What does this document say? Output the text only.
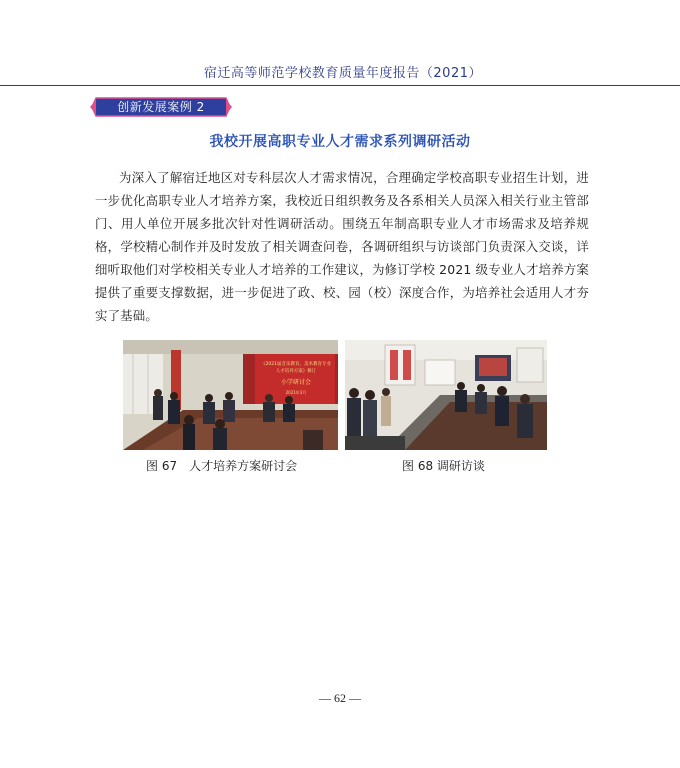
宿迁高等师范学校教育质量年度报告（2021）
创新发展案例 2
我校开展高职专业人才需求系列调研活动
为深入了解宿迁地区对专科层次人才需求情况，合理确定学校高职专业招生计划，进一步优化高职专业人才培养方案，我校近日组织教务及各系相关人员深入相关行业主管部门、用人单位开展多批次针对性调研活动。围绕五年制高职专业人才市场需求及培养规格，学校精心制作并及时发放了相关调查问卷，各调研组织与访谈部门负责深入交谈，详细听取他们对学校相关专业人才培养的工作建议，为修订学校 2021 级专业人才培养方案提供了重要支撑数据，进一步促进了政、校、园（校）深度合作，为培养社会适用人才夯实了基础。
《2021届音乐教育、美术教育专业
人才培养方案》修订
小学研讨会
2021年3月
图 67　人才培养方案研讨会	图 68 调研访谈
— 62 —
